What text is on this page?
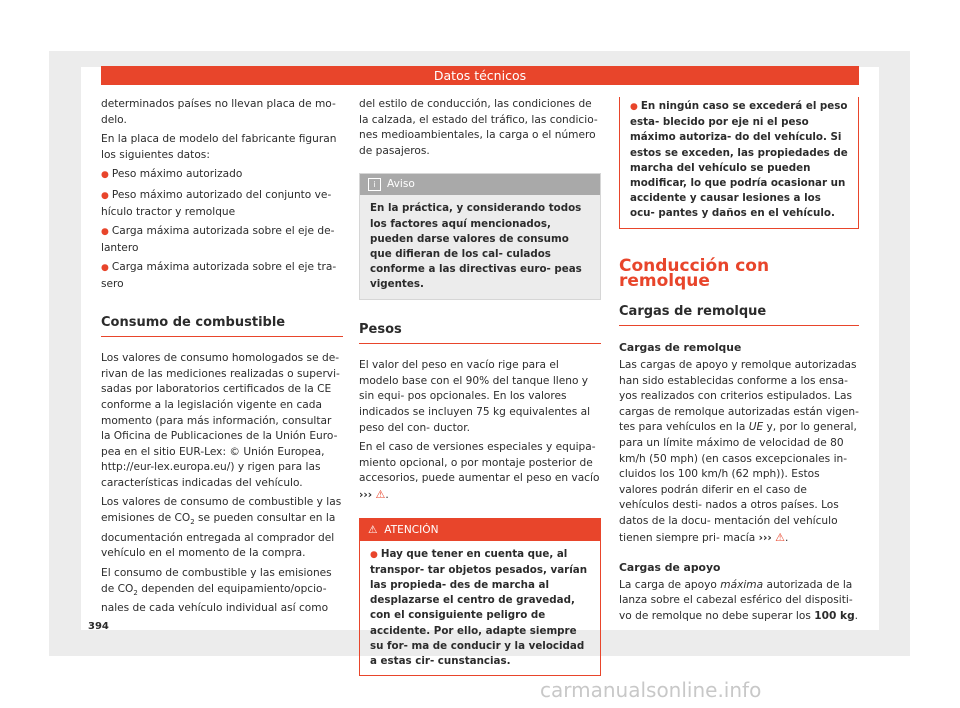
Datos técnicos

determinados países no llevan placa de mo- delo.

En la placa de modelo del fabricante figuran los siguientes datos:

● Peso máximo autorizado
● Peso máximo autorizado del conjunto ve- hículo tractor y remolque
● Carga máxima autorizada sobre el eje de- lantero
● Carga máxima autorizada sobre el eje tra- sero
Consumo de combustible

Los valores de consumo homologados se de- rivan de las mediciones realizadas o supervi- sadas por laboratorios certificados de la CE conforme a la legislación vigente en cada momento (para más información, consultar la Oficina de Publicaciones de la Unión Euro- pea en el sitio EUR-Lex: © Unión Europea, http://eur-lex.europa.eu/) y rigen para las características indicadas del vehículo.

Los valores de consumo de combustible y las emisiones de $CO_2$ se pueden consultar en la documentación entregada al comprador del vehículo en el momento de la compra.

El consumo de combustible y las emisiones de $CO_2$ dependen del equipamiento/opcio- nales de cada vehículo individual así como

del estilo de conducción, las condiciones de la calzada, el estado del tráfico, las condicio- nes medioambientales, la carga o el número de pasajeros.

i Aviso
En la práctica, y considerando todos los factores aquí mencionados, pueden darse valores de consumo que difieran de los cal- culados conforme a las directivas euro- peas vigentes.
Pesos

El valor del peso en vacío rige para el modelo base con el 90% del tanque lleno y sin equi- pos opcionales. En los valores indicados se incluyen 75 kg equivalentes al peso del con- ductor.

En el caso de versiones especiales y equipa- miento opcional, o por montaje posterior de accesorios, puede aumentar el peso en vacío
››› ⚠.

⚠ ATENCIÓN
● Hay que tener en cuenta que, al transpor- tar objetos pesados, varían las propieda- des de marcha al desplazarse el centro de gravedad, con el consiguiente peligro de accidente. Por ello, adapte siempre su for- ma de conducir y la velocidad a estas cir- cunstancias.
● En ningún caso se excederá el peso esta- blecido por eje ni el peso máximo autoriza- do del vehículo. Si estos se exceden, las propiedades de marcha del vehículo se pueden modificar, lo que podría ocasionar un accidente y causar lesiones a los ocu- pantes y daños en el vehículo.
Conducción con remolque
Cargas de remolque
Cargas de remolque

Las cargas de apoyo y remolque autorizadas han sido establecidas conforme a los ensa- yos realizados con criterios estipulados. Las cargas de remolque autorizadas están vigen- tes para vehículos en la UE y, por lo general, para un límite máximo de velocidad de 80 km/h (50 mph) (en casos excepcionales in- cluidos los 100 km/h (62 mph)). Estos valores podrán diferir en el caso de vehículos desti- nados a otros países. Los datos de la docu- mentación del vehículo tienen siempre pri- macía ››› ⚠.

Cargas de apoyo

La carga de apoyo máxima autorizada de la lanza sobre el cabezal esférico del dispositi- vo de remolque no debe superar los 100 kg.

394
carmanualsonline.info
